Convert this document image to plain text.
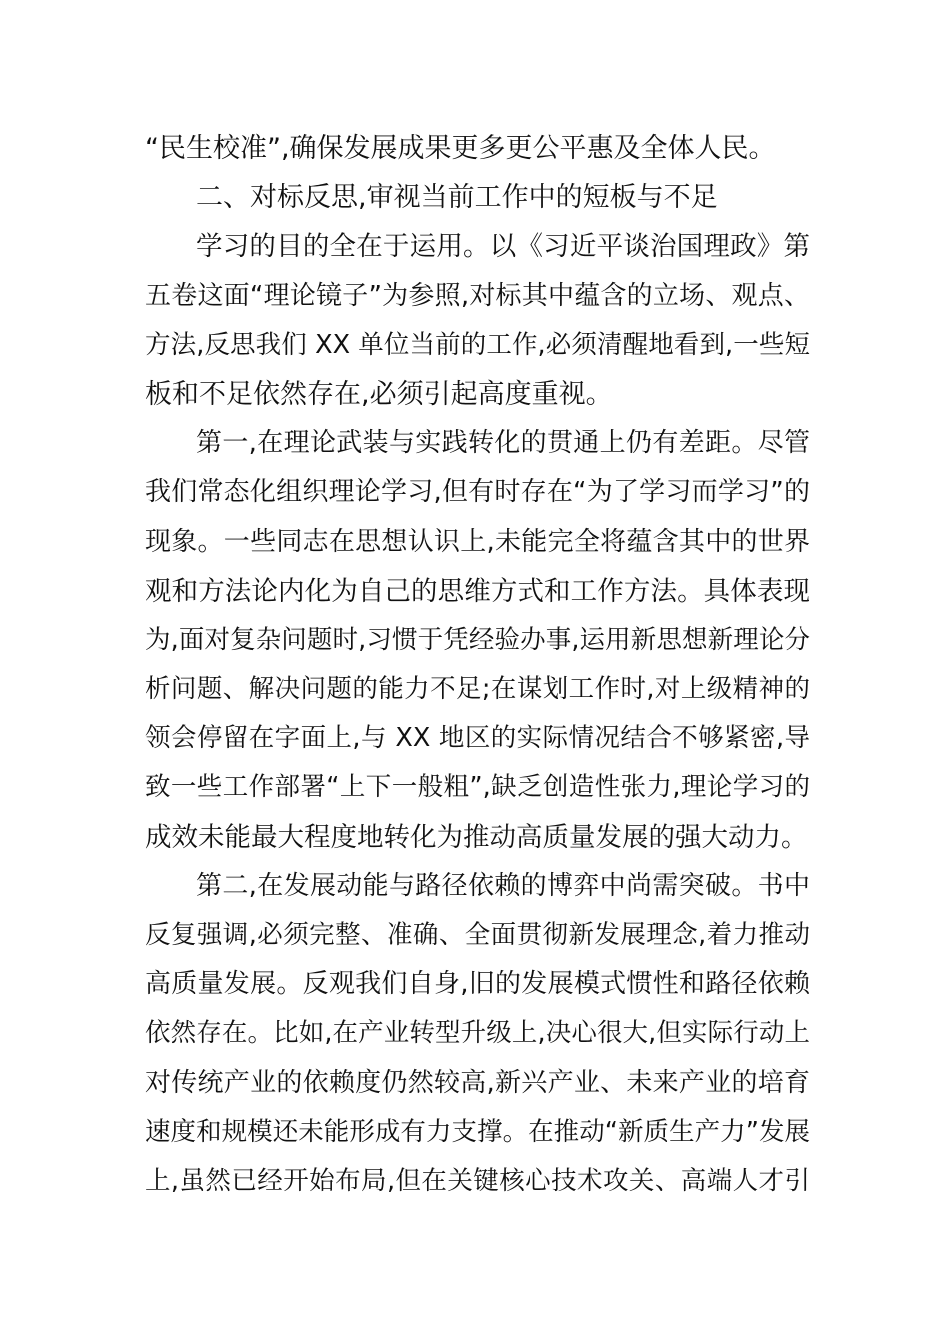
“民生校准”,确保发展成果更多更公平惠及全体人民。
二、对标反思,审视当前工作中的短板与不足
学习的目的全在于运用。以《习近平谈治国理政》第
五卷这面“理论镜子”为参照,对标其中蕴含的立场、观点、
方法,反思我们 XX 单位当前的工作,必须清醒地看到,一些短
板和不足依然存在,必须引起高度重视。
第一,在理论武装与实践转化的贯通上仍有差距。尽管
我们常态化组织理论学习,但有时存在“为了学习而学习”的
现象。一些同志在思想认识上,未能完全将蕴含其中的世界
观和方法论内化为自己的思维方式和工作方法。具体表现
为,面对复杂问题时,习惯于凭经验办事,运用新思想新理论分
析问题、解决问题的能力不足;在谋划工作时,对上级精神的
领会停留在字面上,与 XX 地区的实际情况结合不够紧密,导
致一些工作部署“上下一般粗”,缺乏创造性张力,理论学习的
成效未能最大程度地转化为推动高质量发展的强大动力。
第二,在发展动能与路径依赖的博弈中尚需突破。书中
反复强调,必须完整、准确、全面贯彻新发展理念,着力推动
高质量发展。反观我们自身,旧的发展模式惯性和路径依赖
依然存在。比如,在产业转型升级上,决心很大,但实际行动上
对传统产业的依赖度仍然较高,新兴产业、未来产业的培育
速度和规模还未能形成有力支撑。在推动“新质生产力”发展
上,虽然已经开始布局,但在关键核心技术攻关、高端人才引
